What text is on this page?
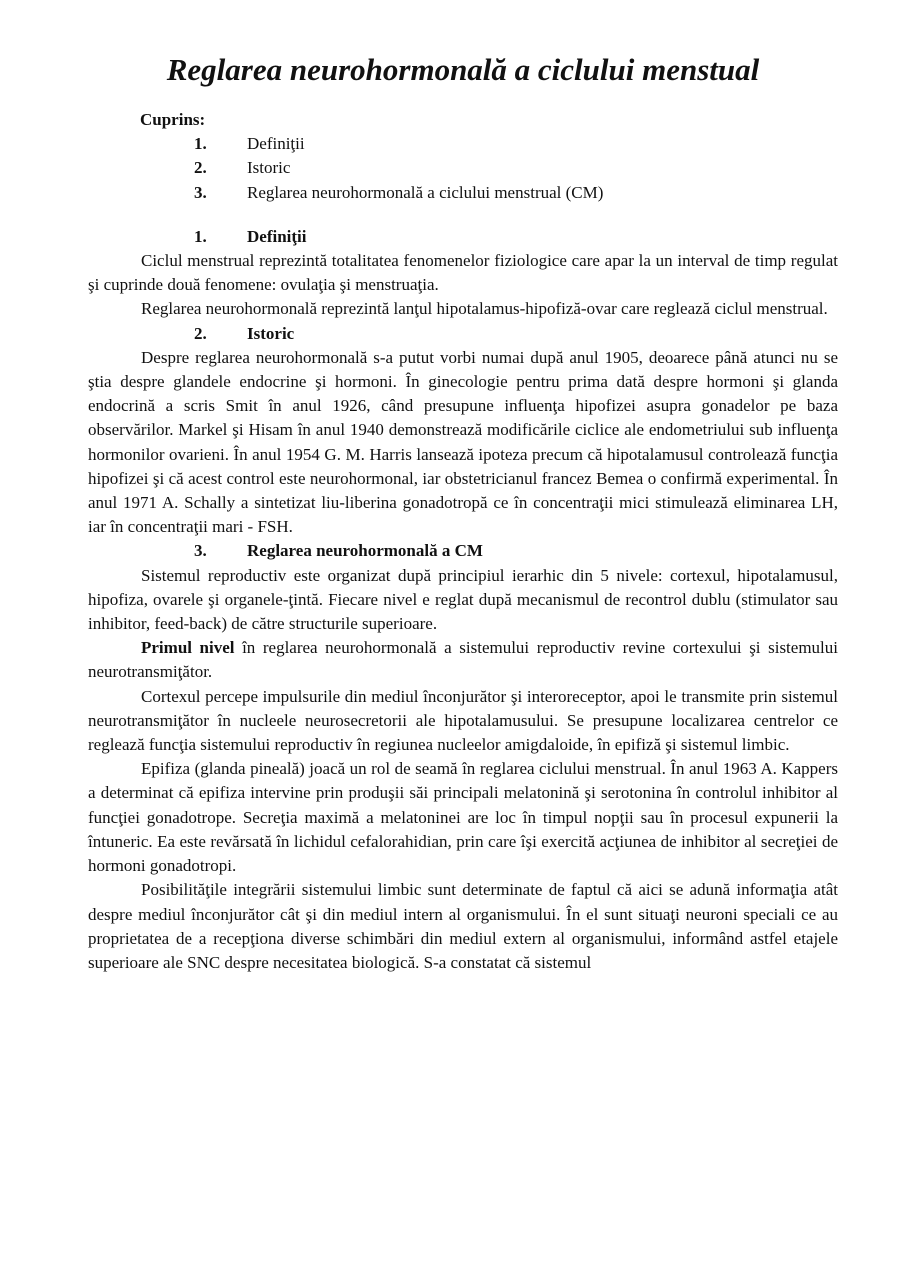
Reglarea neurohormonală a ciclului menstual
Cuprins:
1.	Definiţii
2.	Istoric
3.	Reglarea neurohormonală a ciclului menstrual (CM)
1.	Definiţii

Ciclul menstrual reprezintă totalitatea fenomenelor fiziologice care apar la un interval de timp regulat şi cuprinde două fenomene: ovulaţia şi menstruaţia.

Reglarea neurohormonală reprezintă lanţul hipotalamus-hipofiză-ovar care reglează ciclul menstrual.

2.	Istoric

Despre reglarea neurohormonală s-a putut vorbi numai după anul 1905, deoarece până atunci nu se ştia despre glandele endocrine şi hormoni. În ginecologie pentru prima dată despre hormoni şi glanda endocrină a scris Smit în anul 1926, când presupune influenţa hipofizei asupra gonadelor pe baza observărilor. Markel şi Hisam în anul 1940 demonstrează modificările ciclice ale endometriului sub influenţa hormonilor ovarieni. În anul 1954 G. M. Harris lansează ipoteza precum că hipotalamusul controlează funcţia hipofizei şi că acest control este neurohormonal, iar obstetricianul francez Bemea o confirmă experimental. În anul 1971 A. Schally a sintetizat liu-liberina gonadotropă ce în concentraţii mici stimulează eliminarea LH, iar în concentraţii mari - FSH.

3.	Reglarea neurohormonală a CM

Sistemul reproductiv este organizat după principiul ierarhic din 5 nivele: cortexul, hipotalamusul, hipofiza, ovarele şi organele-ţintă. Fiecare nivel e reglat după mecanismul de recontrol dublu (stimulator sau inhibitor, feed-back) de către structurile superioare.

Primul nivel în reglarea neurohormonală a sistemului reproductiv revine cortexului şi sistemului neurotransmiţător.

Cortexul percepe impulsurile din mediul înconjurător şi interoreceptor, apoi le transmite prin sistemul neurotransmiţător în nucleele neurosecretorii ale hipotalamusului. Se presupune localizarea centrelor ce reglează funcţia sistemului reproductiv în regiunea nucleelor amigdaloide, în epifiză şi sistemul limbic.

Epifiza (glanda pineală) joacă un rol de seamă în reglarea ciclului menstrual. În anul 1963 A. Kappers a determinat că epifiza intervine prin produşii săi principali melatonină şi serotonina în controlul inhibitor al funcţiei gonadotrope. Secreţia maximă a melatoninei are loc în timpul nopţii sau în procesul expunerii la întuneric. Ea este revărsată în lichidul cefalorahidian, prin care îşi exercită acţiunea de inhibitor al secreţiei de hormoni gonadotropi.

Posibilităţile integrării sistemului limbic sunt determinate de faptul că aici se adună informaţia atât despre mediul înconjurător cât şi din mediul intern al organismului. În el sunt situaţi neuroni speciali ce au proprietatea de a recepţiona diverse schimbări din mediul extern al organismului, informând astfel etajele superioare ale SNC despre necesitatea biologică. S-a constatat că sistemul
